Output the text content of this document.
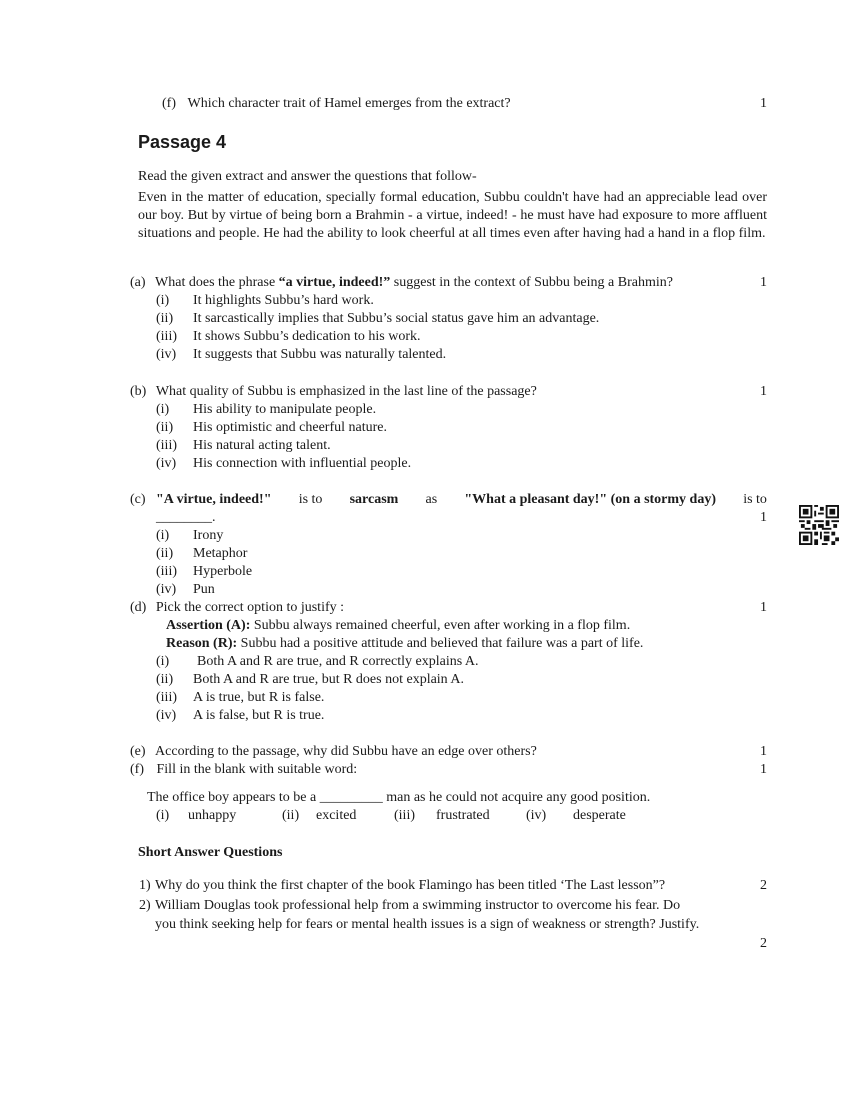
(f) Which character trait of Hamel emerges from the extract?	1
Passage 4
Read the given extract and answer the questions that follow-
Even in the matter of education, specially formal education, Subbu couldn't have had an appreciable lead over our boy. But by virtue of being born a Brahmin - a virtue, indeed! - he must have had exposure to more affluent situations and people. He had the ability to look cheerful at all times even after having had a hand in a flop film.
(a) What does the phrase “a virtue, indeed!” suggest in the context of Subbu being a Brahmin?	1
(i) It highlights Subbu’s hard work.
(ii) It sarcastically implies that Subbu’s social status gave him an advantage.
(iii) It shows Subbu’s dedication to his work.
(iv) It suggests that Subbu was naturally talented.
(b) What quality of Subbu is emphasized in the last line of the passage?	1
(i) His ability to manipulate people.
(ii) His optimistic and cheerful nature.
(iii) His natural acting talent.
(iv) His connection with influential people.
(c) "A virtue, indeed!" is to sarcasm as "What a pleasant day!" (on a stormy day) is to
________.	1
(i) Irony
(ii) Metaphor
(iii) Hyperbole
(iv) Pun
(d) Pick the correct option to justify :	1
Assertion (A): Subbu always remained cheerful, even after working in a flop film.
Reason (R): Subbu had a positive attitude and believed that failure was a part of life.
(i) Both A and R are true, and R correctly explains A.
(ii) Both A and R are true, but R does not explain A.
(iii) A is true, but R is false.
(iv) A is false, but R is true.
(e) According to the passage, why did Subbu have an edge over others?	1
(f) Fill in the blank with suitable word:	1
The office boy appears to be a _________ man as he could not acquire any good position.
(i) unhappy	(ii) excited	(iii) frustrated	(iv) desperate
Short Answer Questions
1) Why do you think the first chapter of the book Flamingo has been titled ‘The Last lesson”?	2
2) William Douglas took professional help from a swimming instructor to overcome his fear. Do
you think seeking help for fears or mental health issues is a sign of weakness or strength? Justify.
2
